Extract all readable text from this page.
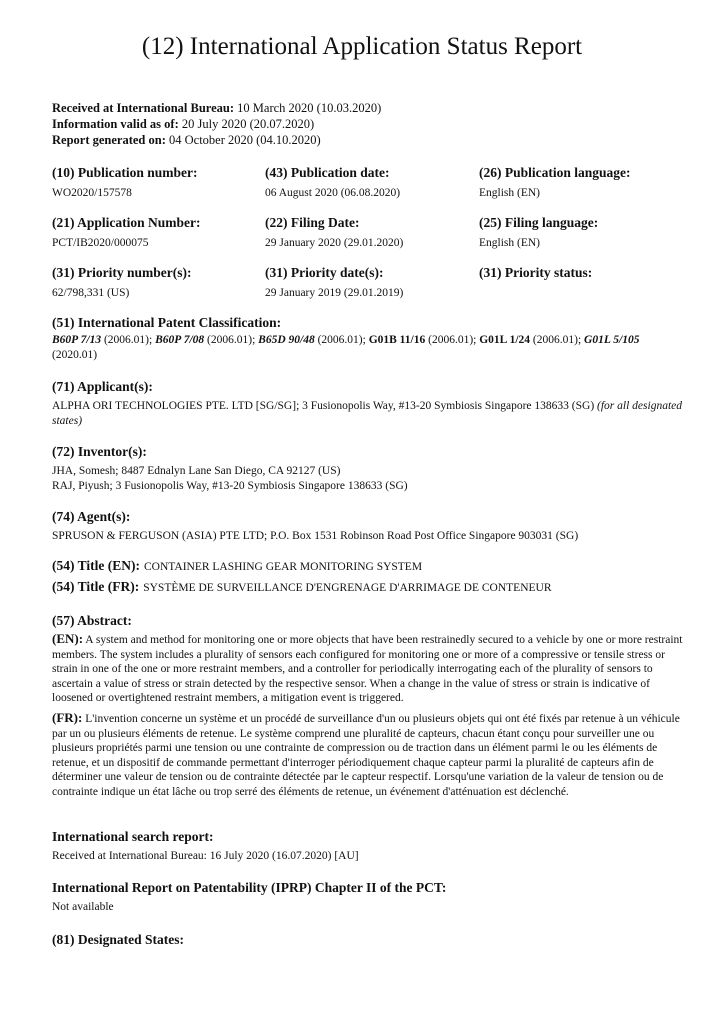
(12) International Application Status Report
Received at International Bureau: 10 March 2020 (10.03.2020)
Information valid as of: 20 July 2020 (20.07.2020)
Report generated on: 04 October 2020 (04.10.2020)
(10) Publication number:
WO2020/157578
(43) Publication date:
06 August 2020 (06.08.2020)
(26) Publication language:
English (EN)
(21) Application Number:
PCT/IB2020/000075
(22) Filing Date:
29 January 2020 (29.01.2020)
(25) Filing language:
English (EN)
(31) Priority number(s):
62/798,331 (US)
(31) Priority date(s):
29 January 2019 (29.01.2019)
(31) Priority status:
(51) International Patent Classification:
B60P 7/13 (2006.01); B60P 7/08 (2006.01); B65D 90/48 (2006.01); G01B 11/16 (2006.01); G01L 1/24 (2006.01); G01L 5/105
(2020.01)
(71) Applicant(s):
ALPHA ORI TECHNOLOGIES PTE. LTD [SG/SG]; 3 Fusionopolis Way, #13-20 Symbiosis Singapore 138633 (SG) (for all designated states)
(72) Inventor(s):
JHA, Somesh; 8487 Ednalyn Lane San Diego, CA 92127 (US)
RAJ, Piyush; 3 Fusionopolis Way, #13-20 Symbiosis Singapore 138633 (SG)
(74) Agent(s):
SPRUSON & FERGUSON (ASIA) PTE LTD; P.O. Box 1531 Robinson Road Post Office Singapore 903031 (SG)
(54) Title (EN): CONTAINER LASHING GEAR MONITORING SYSTEM
(54) Title (FR): SYSTÈME DE SURVEILLANCE D'ENGRENAGE D'ARRIMAGE DE CONTENEUR
(57) Abstract:

(EN): A system and method for monitoring one or more objects that have been restrainedly secured to a vehicle by one or more restraint members. The system includes a plurality of sensors each configured for monitoring one or more of a compressive or tensile stress or strain in one of the one or more restraint members, and a controller for periodically interrogating each of the plurality of sensors to ascertain a value of stress or strain detected by the respective sensor. When a change in the value of stress or strain is indicative of loosened or overtightened restraint members, a mitigation event is triggered.

(FR): L'invention concerne un système et un procédé de surveillance d'un ou plusieurs objets qui ont été fixés par retenue à un véhicule par un ou plusieurs éléments de retenue. Le système comprend une pluralité de capteurs, chacun étant conçu pour surveiller une ou plusieurs propriétés parmi une tension ou une contrainte de compression ou de traction dans un élément parmi le ou les éléments de retenue, et un dispositif de commande permettant d'interroger périodiquement chaque capteur parmi la pluralité de capteurs afin de déterminer une valeur de tension ou de contrainte détectée par le capteur respectif. Lorsqu'une variation de la valeur de tension ou de contrainte indique un état lâche ou trop serré des éléments de retenue, un événement d'atténuation est déclenché.

International search report:
Received at International Bureau: 16 July 2020 (16.07.2020) [AU]
International Report on Patentability (IPRP) Chapter II of the PCT:
Not available
(81) Designated States:
